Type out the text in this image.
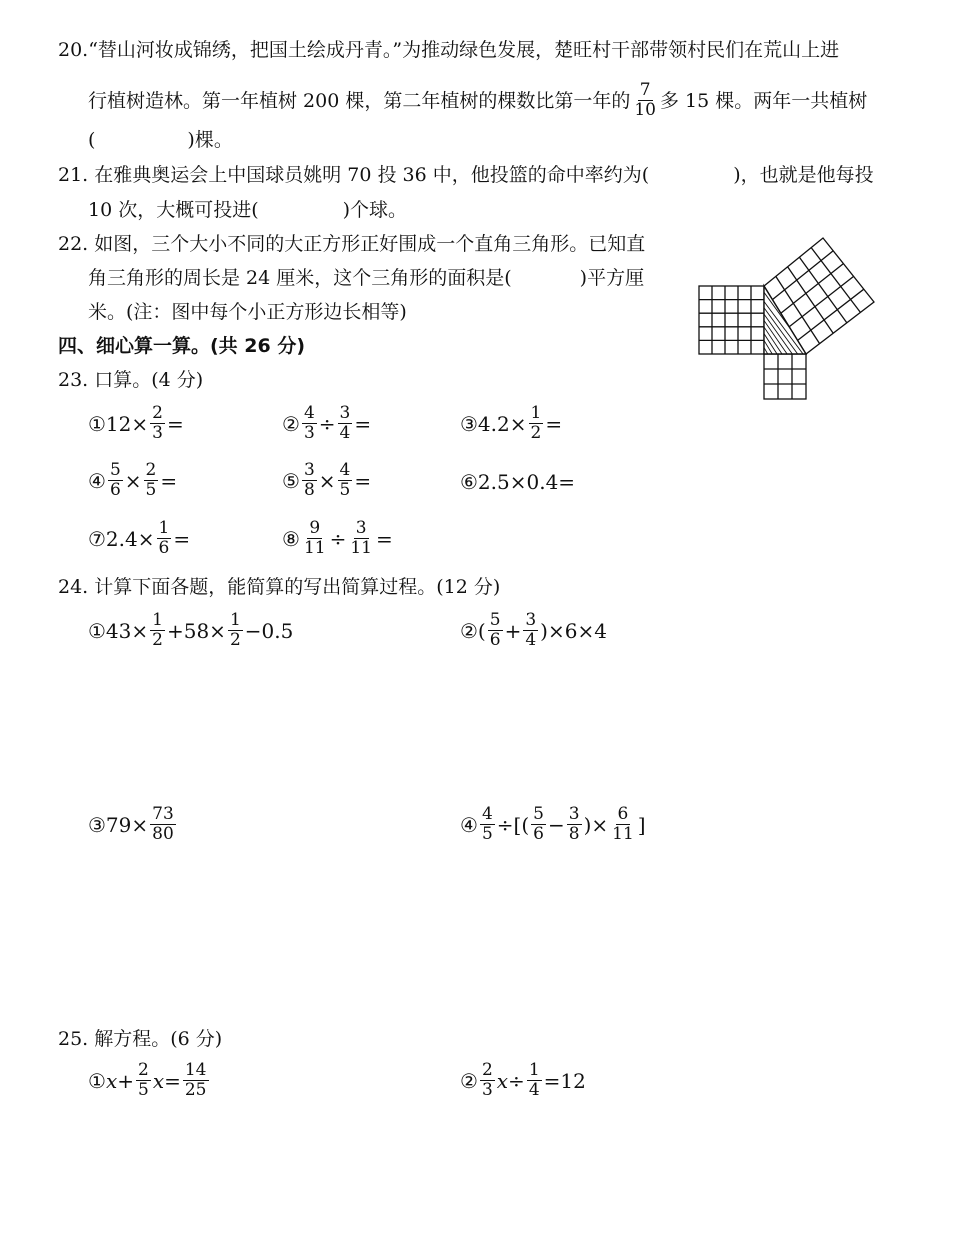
20.“替山河妆成锦绣，把国土绘成丹青。”为推动绿色发展，楚旺村干部带领村民们在荒山上进
行植树造林。第一年植树 200 棵，第二年植树的棵数比第一年的 $\frac{7}{10}$ 多 15 棵。两年一共植树
(	)棵。
21. 在雅典奥运会上中国球员姚明 70 投 36 中，他投篮的命中率约为(	)，也就是他每投
10 次，大概可投进(	)个球。
22. 如图，三个大小不同的大正方形正好围成一个直角三角形。已知直
角三角形的周长是 24 厘米，这个三角形的面积是(	)平方厘
米。(注：图中每个小正方形边长相等)
四、细心算一算。(共 26 分)
23. 口算。(4 分)
①12× $\frac{2}{3}$ =	② $\frac{4}{3} \div \frac{3}{4}$ =	③4.2× $\frac{1}{2}$ =
④ $\frac{5}{6} \times \frac{2}{5}$ =	⑤ $\frac{3}{8} \times \frac{4}{5}$ =	⑥2.5×0.4=
⑦2.4× $\frac{1}{6}$ =	⑧ $\frac{9}{11} \div \frac{3}{11}$ =
24. 计算下面各题，能简算的写出简算过程。(12 分)
①43× $\frac{1}{2} +58\times \frac{1}{2} -0.5$	②( $\frac{5}{6} + \frac{3}{4} )\times 6\times 4$
③79× $\frac{73}{80}$	④ $\frac{4}{5}$ ÷[( $\frac{5}{6} - \frac{3}{8}$ )× $\frac{6}{11}$ ]
25. 解方程。(6 分)
① $x + \frac{2}{5}$ $x = \frac{14}{25}$	② $\frac{2}{3}$ $x \div \frac{1}{4} =12$
